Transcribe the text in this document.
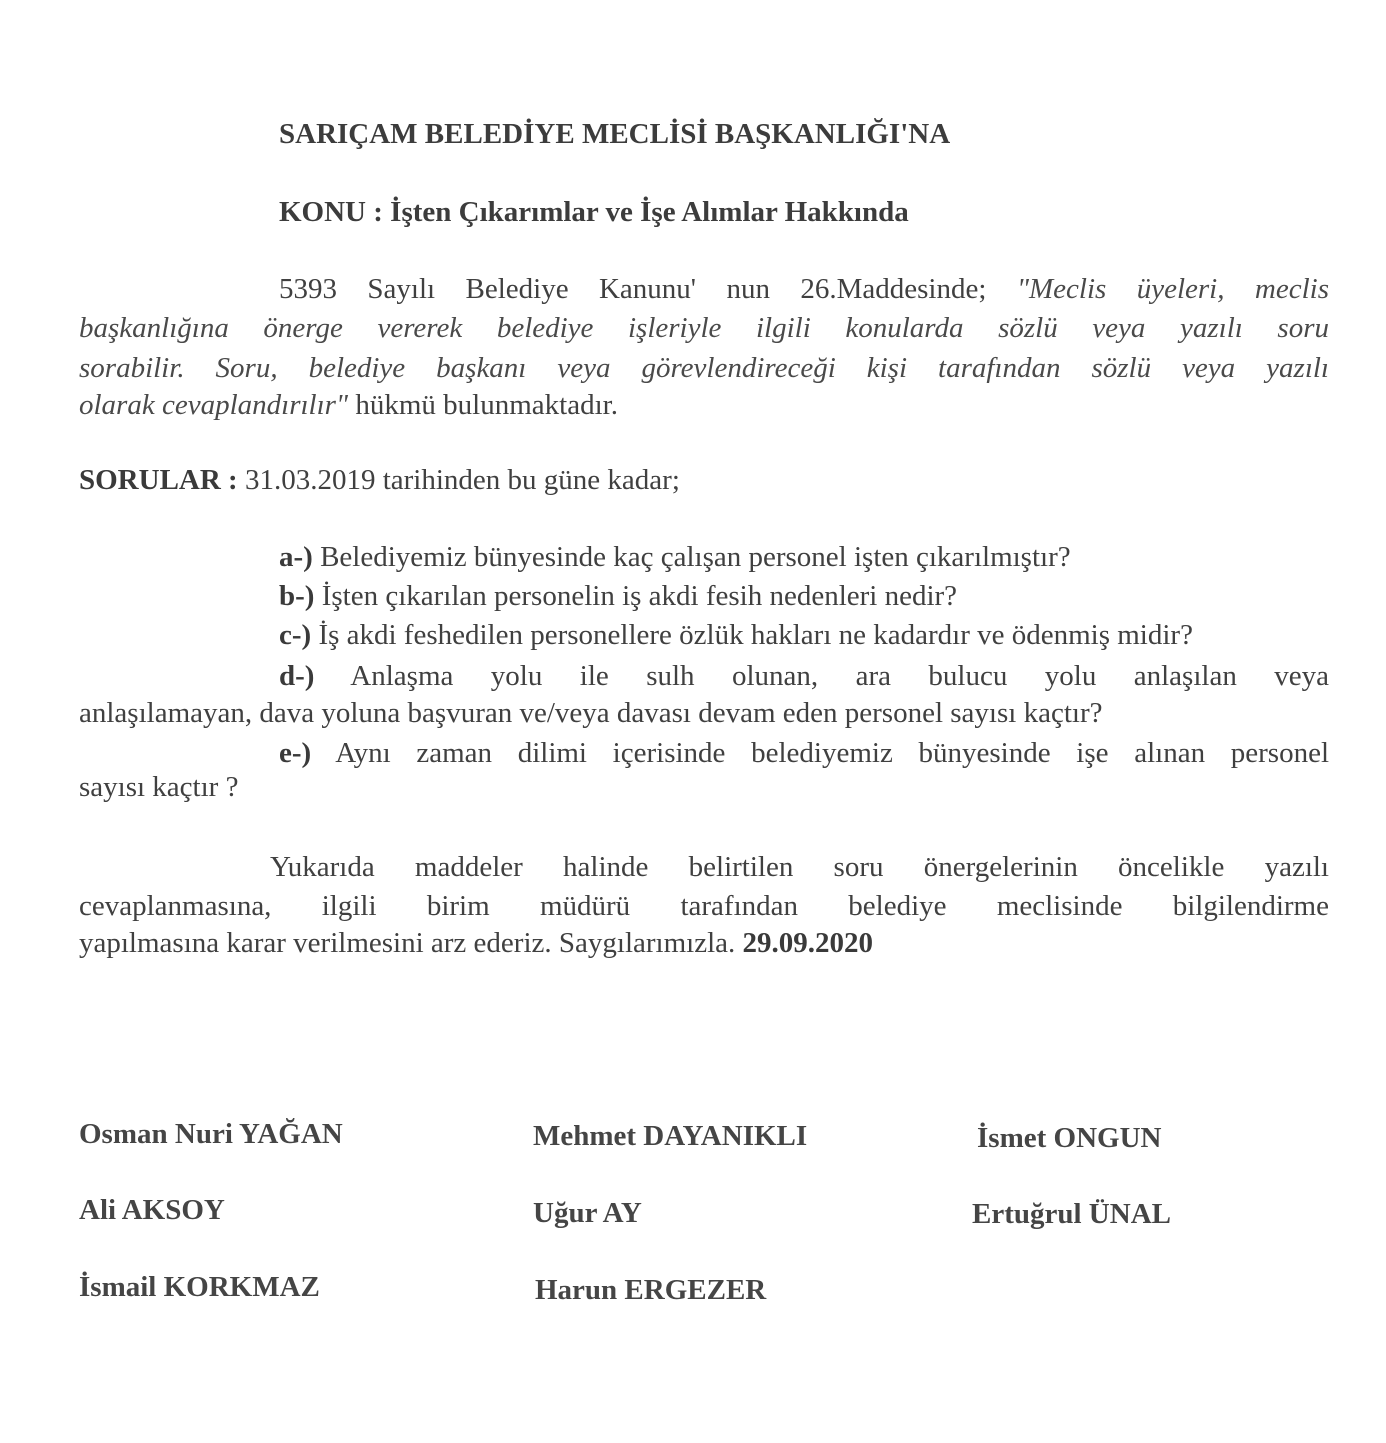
SARIÇAM BELEDİYE MECLİSİ BAŞKANLIĞI'NA
KONU : İşten Çıkarımlar ve İşe Alımlar Hakkında
5393 Sayılı Belediye Kanunu' nun 26.Maddesinde; "Meclis üyeleri, meclis
başkanlığına önerge vererek belediye işleriyle ilgili konularda sözlü veya yazılı soru
sorabilir. Soru, belediye başkanı veya görevlendireceği kişi tarafından sözlü veya yazılı
olarak cevaplandırılır" hükmü bulunmaktadır.
SORULAR : 31.03.2019 tarihinden bu güne kadar;
a-) Belediyemiz bünyesinde kaç çalışan personel işten çıkarılmıştır?
b-) İşten çıkarılan personelin iş akdi fesih nedenleri nedir?
c-) İş akdi feshedilen personellere özlük hakları ne kadardır ve ödenmiş midir?
d-) Anlaşma yolu ile sulh olunan, ara bulucu yolu anlaşılan veya
anlaşılamayan, dava yoluna başvuran ve/veya davası devam eden personel sayısı kaçtır?
e-) Aynı zaman dilimi içerisinde belediyemiz bünyesinde işe alınan personel
sayısı kaçtır ?
Yukarıda maddeler halinde belirtilen soru önergelerinin öncelikle yazılı
cevaplanmasına, ilgili birim müdürü tarafından belediye meclisinde bilgilendirme
yapılmasına karar verilmesini arz ederiz. Saygılarımızla. 29.09.2020
Osman Nuri YAĞAN	Mehmet DAYANIKLI	İsmet ONGUN
Ali AKSOY	Uğur AY	Ertuğrul ÜNAL
İsmail KORKMAZ	Harun ERGEZER
